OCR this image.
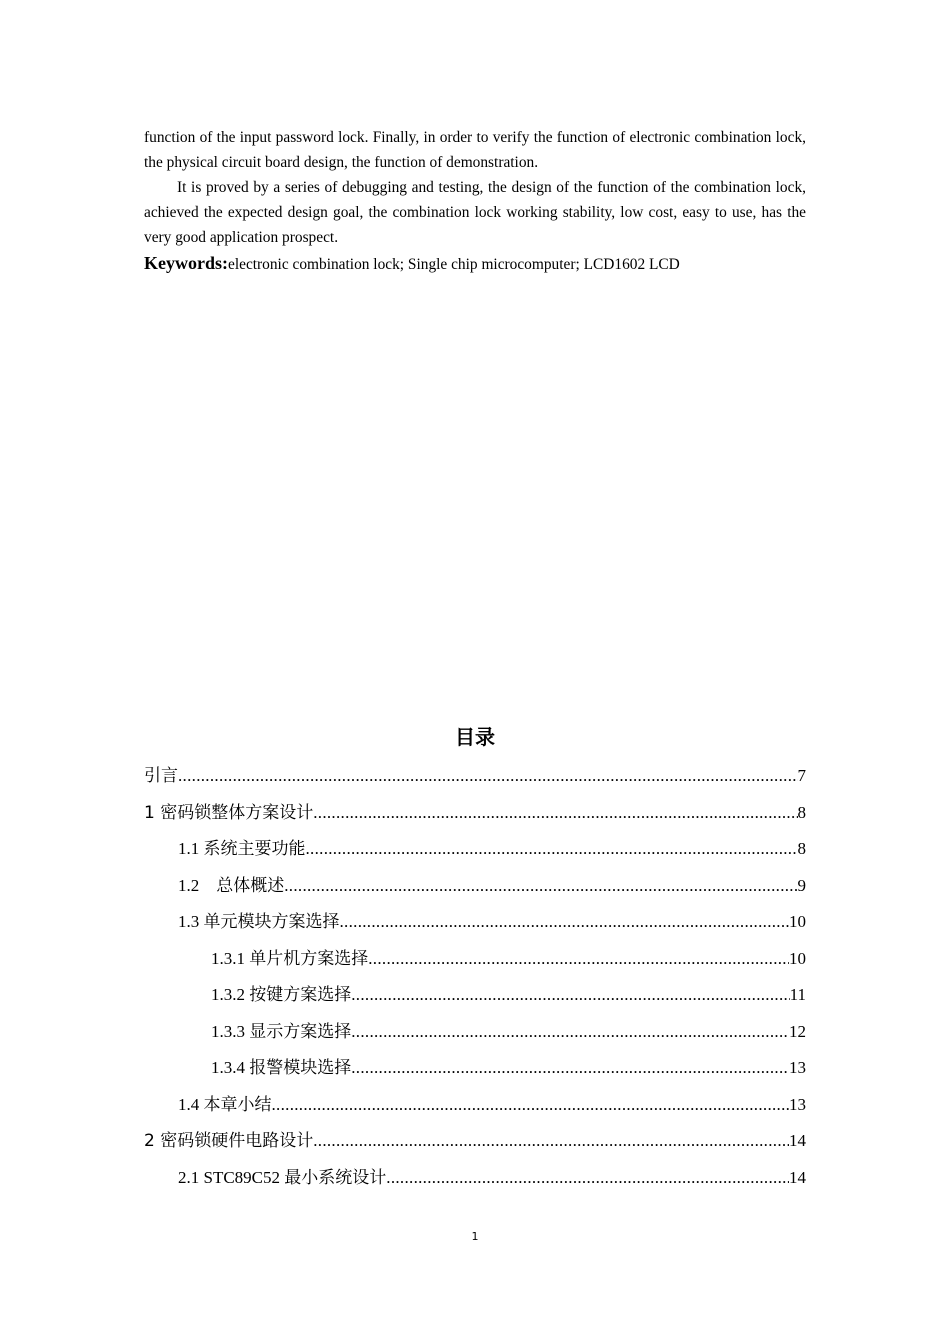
function of the input password lock. Finally, in order to verify the function of electronic combination lock, the physical circuit board design, the function of demonstration.

It is proved by a series of debugging and testing, the design of the function of the combination lock, achieved the expected design goal, the combination lock working stability, low cost, easy to use, has the very good application prospect.

Keywords:electronic combination lock; Single chip microcomputer; LCD1602 LCD

目录
引言 .....	7
1 密码锁整体方案设计 .....	8
1.1 系统主要功能 .....	8
1.2　总体概述 .....	9
1.3 单元模块方案选择 .....	10
1.3.1 单片机方案选择 .....	10
1.3.2 按键方案选择 .....	11
1.3.3 显示方案选择 .....	12
1.3.4 报警模块选择 .....	13
1.4 本章小结 .....	13
2 密码锁硬件电路设计 .....	14
2.1 STC89C52 最小系统设计 .....	14
1
